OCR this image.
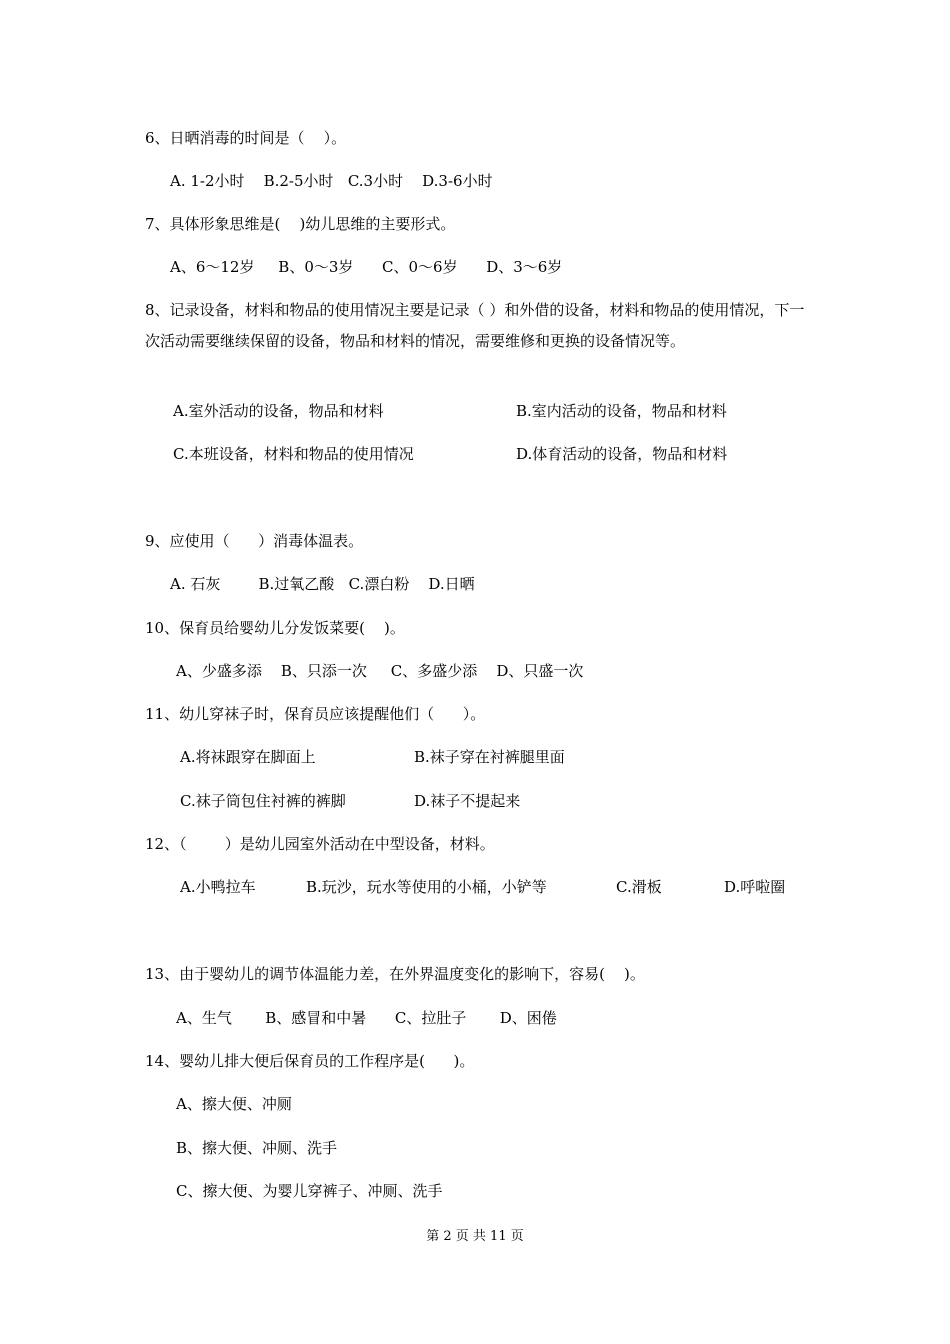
6、日晒消毒的时间是（    ）。
A. 1-2小时    B.2-5小时   C.3小时    D.3-6小时
7、具体形象思维是(    )幼儿思维的主要形式。
A、6～12岁     B、0～3岁      C、0～6岁      D、3～6岁
8、记录设备，材料和物品的使用情况主要是记录（ ）和外借的设备，材料和物品的使用情况，下一次活动需要继续保留的设备，物品和材料的情况，需要维修和更换的设备情况等。
A.室外活动的设备，物品和材料	B.室内活动的设备，物品和材料
C.本班设备，材料和物品的使用情况	D.体育活动的设备，物品和材料
9、应使用（      ）消毒体温表。
A. 石灰        B.过氧乙酸   C.漂白粉    D.日晒
10、保育员给婴幼儿分发饭菜要(    )。
A、少盛多添    B、只添一次     C、多盛少添    D、只盛一次
11、幼儿穿袜子时，保育员应该提醒他们（      ）。
A.将袜跟穿在脚面上	B.袜子穿在衬裤腿里面
C.袜子筒包住衬裤的裤脚	D.袜子不提起来
12、（        ）是幼儿园室外活动在中型设备，材料。
A.小鸭拉车	B.玩沙，玩水等使用的小桶，小铲等	C.滑板	D.呼啦圈
13、由于婴幼儿的调节体温能力差，在外界温度变化的影响下，容易(    )。
A、生气       B、感冒和中暑      C、拉肚子       D、困倦
14、婴幼儿排大便后保育员的工作程序是(      )。
A、擦大便、冲厕
B、擦大便、冲厕、洗手
C、擦大便、为婴儿穿裤子、冲厕、洗手
第 2 页 共 11 页
